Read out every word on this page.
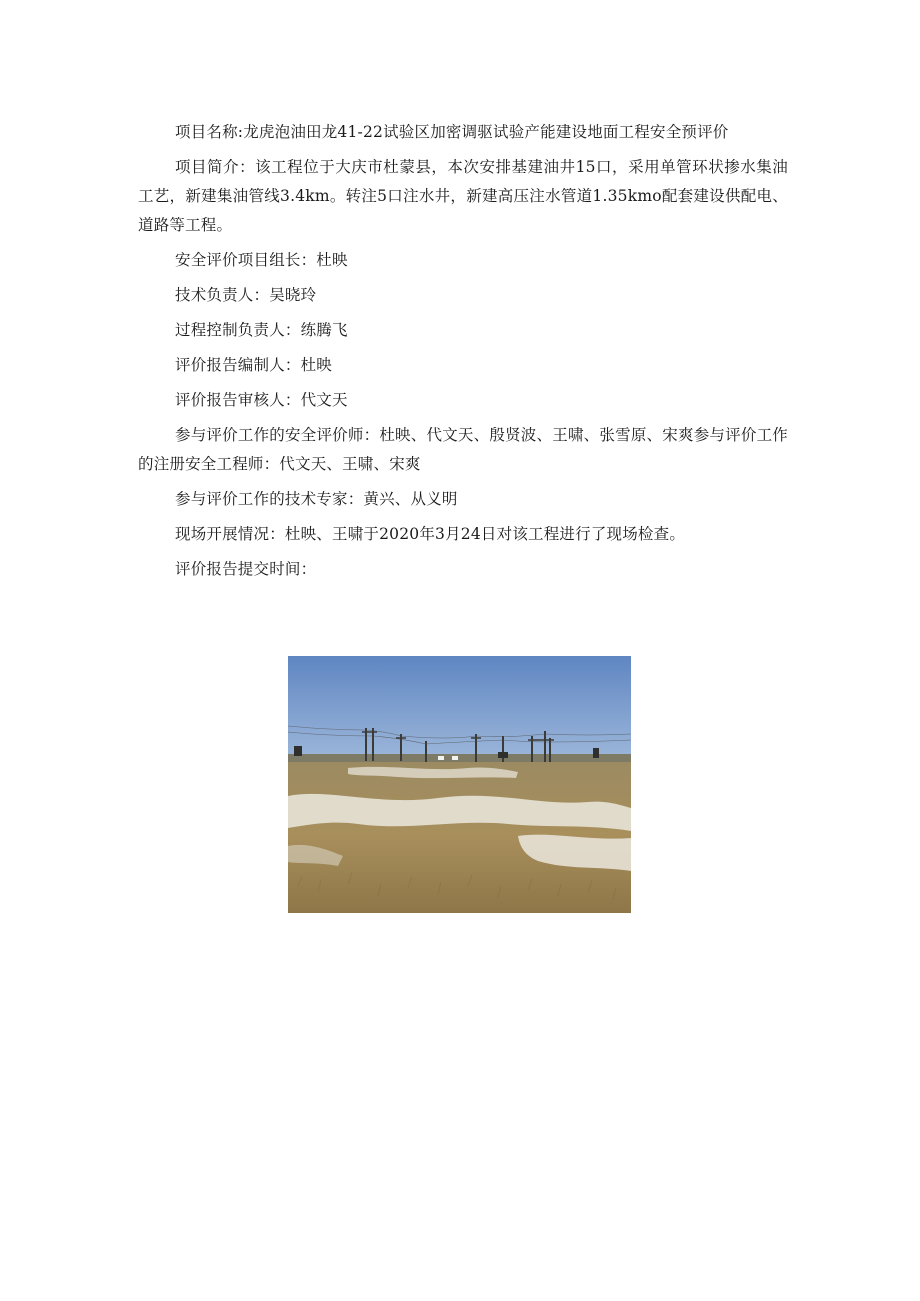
项目名称:龙虎泡油田龙41-22试验区加密调驱试验产能建设地面工程安全预评价

项目简介：该工程位于大庆市杜蒙县，本次安排基建油井15口，采用单管环状掺水集油工艺，新建集油管线3.4km。转注5口注水井，新建高压注水管道1.35kmo配套建设供配电、道路等工程。

安全评价项目组长：杜映

技术负责人：吴晓玲

过程控制负责人：练腾飞

评价报告编制人：杜映

评价报告审核人：代文天

参与评价工作的安全评价师：杜映、代文天、殷贤波、王啸、张雪原、宋爽参与评价工作的注册安全工程师：代文天、王啸、宋爽

参与评价工作的技术专家：黄兴、从义明

现场开展情况：杜映、王啸于2020年3月24日对该工程进行了现场检查。

评价报告提交时间：
